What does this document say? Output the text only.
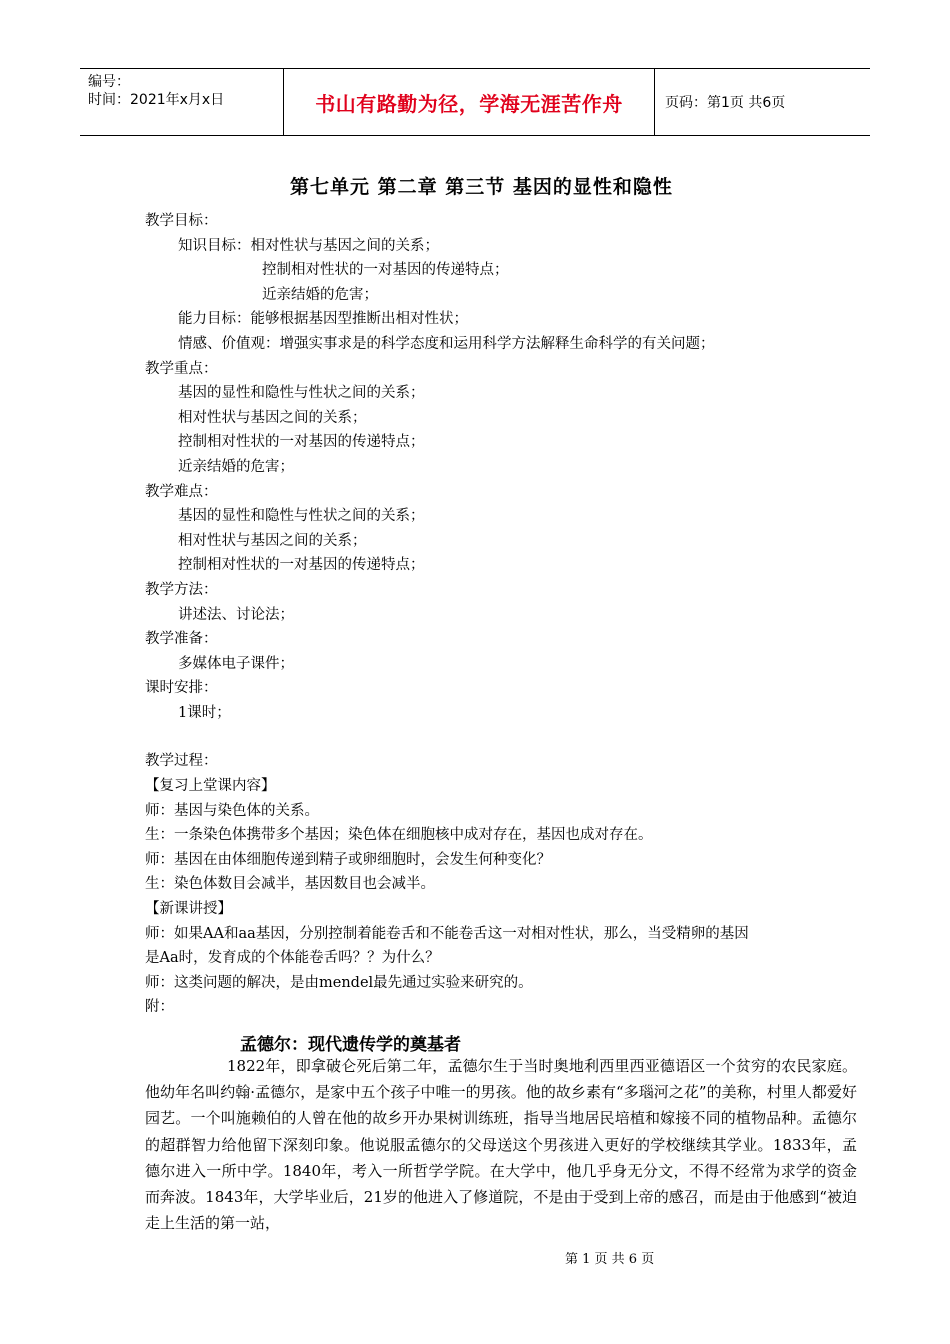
编号：
时间：2021年x月x日	书山有路勤为径，学海无涯苦作舟	页码：第1页 共6页
第七单元 第二章 第三节 基因的显性和隐性
教学目标：
知识目标：相对性状与基因之间的关系；
控制相对性状的一对基因的传递特点；
近亲结婚的危害；
能力目标：能够根据基因型推断出相对性状；
情感、价值观：增强实事求是的科学态度和运用科学方法解释生命科学的有关问题；
教学重点：
基因的显性和隐性与性状之间的关系；
相对性状与基因之间的关系；
控制相对性状的一对基因的传递特点；
近亲结婚的危害；
教学难点：
基因的显性和隐性与性状之间的关系；
相对性状与基因之间的关系；
控制相对性状的一对基因的传递特点；
教学方法：
讲述法、讨论法；
教学准备：
多媒体电子课件；
课时安排：
1课时；
教学过程：
【复习上堂课内容】
师：基因与染色体的关系。
生：一条染色体携带多个基因；染色体在细胞核中成对存在，基因也成对存在。
师：基因在由体细胞传递到精子或卵细胞时，会发生何种变化？
生：染色体数目会减半，基因数目也会减半。
【新课讲授】
师：如果AA和aa基因，分别控制着能卷舌和不能卷舌这一对相对性状，那么，当受精卵的基因
是Aa时，发育成的个体能卷舌吗？？为什么？
师：这类问题的解决，是由mendel最先通过实验来研究的。
附：
孟德尔：现代遗传学的奠基者
1822年，即拿破仑死后第二年，孟德尔生于当时奥地利西里西亚德语区一个贫穷的农民家庭。他幼年名叫约翰·孟德尔，是家中五个孩子中唯一的男孩。他的故乡素有“多瑙河之花”的美称，村里人都爱好园艺。一个叫施赖伯的人曾在他的故乡开办果树训练班，指导当地居民培植和嫁接不同的植物品种。孟德尔的超群智力给他留下深刻印象。他说服孟德尔的父母送这个男孩进入更好的学校继续其学业。1833年，孟德尔进入一所中学。1840年，考入一所哲学学院。在大学中，他几乎身无分文，不得不经常为求学的资金而奔波。1843年，大学毕业后，21岁的他进入了修道院，不是由于受到上帝的感召，而是由于他感到“被迫走上生活的第一站，
第 1 页 共 6 页
